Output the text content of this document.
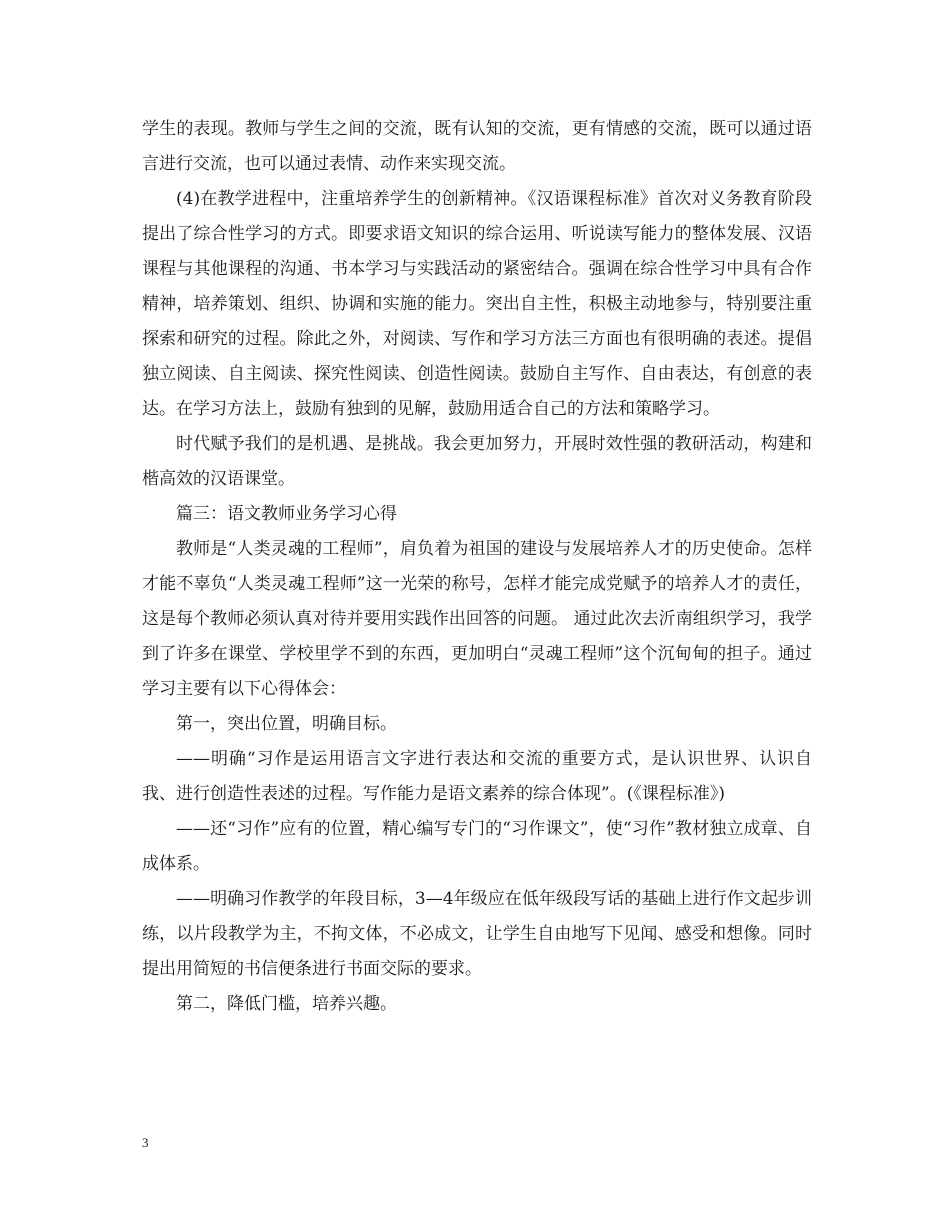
学生的表现。教师与学生之间的交流，既有认知的交流，更有情感的交流，既可以通过语言进行交流，也可以通过表情、动作来实现交流。

(4)在教学进程中，注重培养学生的创新精神。《汉语课程标准》首次对义务教育阶段提出了综合性学习的方式。即要求语文知识的综合运用、听说读写能力的整体发展、汉语课程与其他课程的沟通、书本学习与实践活动的紧密结合。强调在综合性学习中具有合作精神，培养策划、组织、协调和实施的能力。突出自主性，积极主动地参与，特别要注重探索和研究的过程。除此之外，对阅读、写作和学习方法三方面也有很明确的表述。提倡独立阅读、自主阅读、探究性阅读、创造性阅读。鼓励自主写作、自由表达，有创意的表达。在学习方法上，鼓励有独到的见解，鼓励用适合自己的方法和策略学习。

时代赋予我们的是机遇、是挑战。我会更加努力，开展时效性强的教研活动，构建和楷高效的汉语课堂。

篇三：语文教师业务学习心得

教师是“人类灵魂的工程师”，肩负着为祖国的建设与发展培养人才的历史使命。怎样才能不辜负“人类灵魂工程师”这一光荣的称号，怎样才能完成党赋予的培养人才的责任，这是每个教师必须认真对待并要用实践作出回答的问题。 通过此次去沂南组织学习，我学到了许多在课堂、学校里学不到的东西，更加明白“灵魂工程师”这个沉甸甸的担子。通过学习主要有以下心得体会：

第一，突出位置，明确目标。

——明确“习作是运用语言文字进行表达和交流的重要方式，是认识世界、认识自我、进行创造性表述的过程。写作能力是语文素养的综合体现”。(《课程标准》)

——还“习作”应有的位置，精心编写专门的“习作课文”，使“习作”教材独立成章、自成体系。

——明确习作教学的年段目标，3—4年级应在低年级段写话的基础上进行作文起步训练，以片段教学为主，不拘文体，不必成文，让学生自由地写下见闻、感受和想像。同时提出用简短的书信便条进行书面交际的要求。

第二，降低门槛，培养兴趣。

3
